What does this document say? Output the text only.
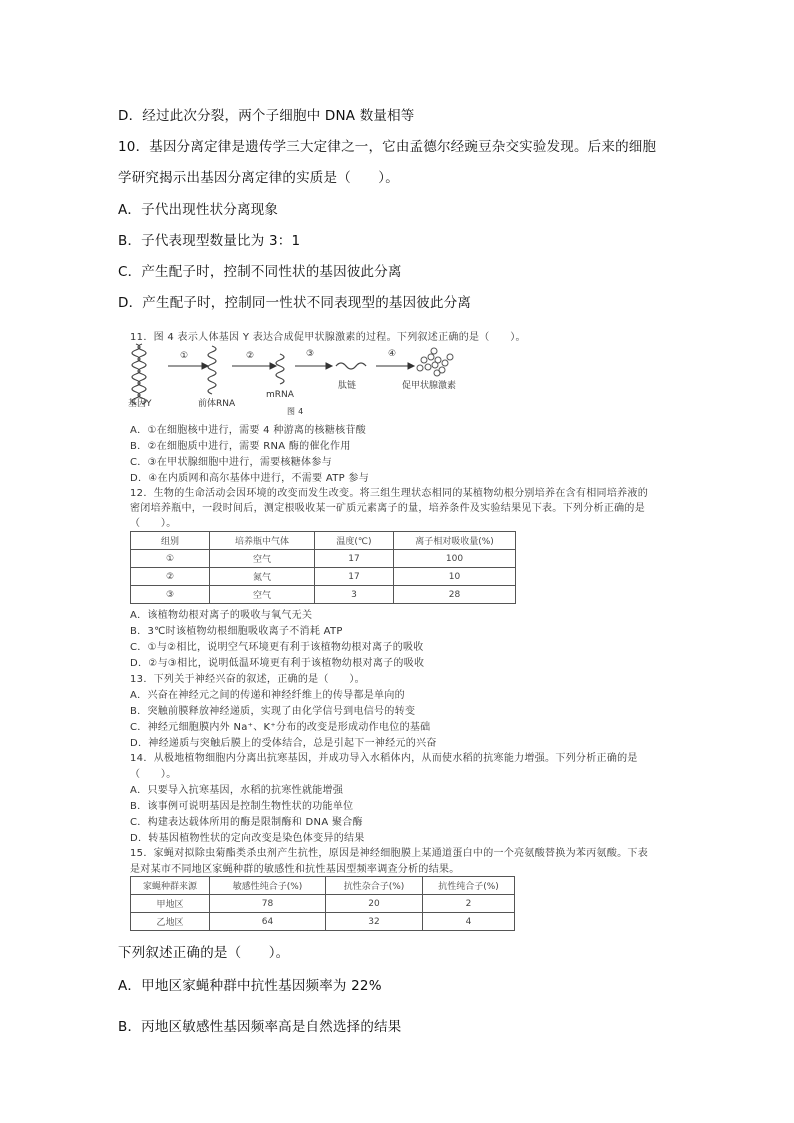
D．经过此次分裂，两个子细胞中 DNA 数量相等
10．基因分离定律是遗传学三大定律之一，它由孟德尔经豌豆杂交实验发现。后来的细胞
学研究揭示出基因分离定律的实质是（　　）。
A．子代出现性状分离现象
B．子代表现型数量比为 3：1
C．产生配子时，控制不同性状的基因彼此分离
D．产生配子时，控制同一性状不同表现型的基因彼此分离
11．图 4 表示人体基因 Y 表达合成促甲状腺激素的过程。下列叙述正确的是（　　）。
①	②	③	④
基因Y	前体RNA
mRNA
肽链	促甲状腺激素
图 4
A．①在细胞核中进行，需要 4 种游离的核糖核苷酸
B．②在细胞质中进行，需要 RNA 酶的催化作用
C．③在甲状腺细胞中进行，需要核糖体参与
D．④在内质网和高尔基体中进行，不需要 ATP 参与
12．生物的生命活动会因环境的改变而发生改变。将三组生理状态相同的某植物幼根分别培养在含有相同培养液的
密闭培养瓶中，一段时间后，测定根吸收某一矿质元素离子的量，培养条件及实验结果见下表。下列分析正确的是
（　　）。
组别	培养瓶中气体	温度(℃)	离子相对吸收量(%)
①	空气	17	100
②	氮气	17	10
③	空气	3	28
A．该植物幼根对离子的吸收与氧气无关
B．3℃时该植物幼根细胞吸收离子不消耗 ATP
C．①与②相比，说明空气环境更有利于该植物幼根对离子的吸收
D．②与③相比，说明低温环境更有利于该植物幼根对离子的吸收
13．下列关于神经兴奋的叙述，正确的是（　　）。
A．兴奋在神经元之间的传递和神经纤维上的传导都是单向的
B．突触前膜释放神经递质，实现了由化学信号到电信号的转变
C．神经元细胞膜内外 Na⁺、K⁺分布的改变是形成动作电位的基础
D．神经递质与突触后膜上的受体结合，总是引起下一神经元的兴奋
14．从极地植物细胞内分离出抗寒基因，并成功导入水稻体内，从而使水稻的抗寒能力增强。下列分析正确的是
（　　）。
A．只要导入抗寒基因，水稻的抗寒性就能增强
B．该事例可说明基因是控制生物性状的功能单位
C．构建表达载体所用的酶是限制酶和 DNA 聚合酶
D．转基因植物性状的定向改变是染色体变异的结果
15．家蝇对拟除虫菊酯类杀虫剂产生抗性，原因是神经细胞膜上某通道蛋白中的一个亮氨酸替换为苯丙氨酸。下表
是对某市不同地区家蝇种群的敏感性和抗性基因型频率调查分析的结果。
家蝇种群来源	敏感性纯合子(%)	抗性杂合子(%)	抗性纯合子(%)
甲地区	78	20	2
乙地区	64	32	4
下列叙述正确的是（　　）。
A．甲地区家蝇种群中抗性基因频率为 22%
B．丙地区敏感性基因频率高是自然选择的结果
